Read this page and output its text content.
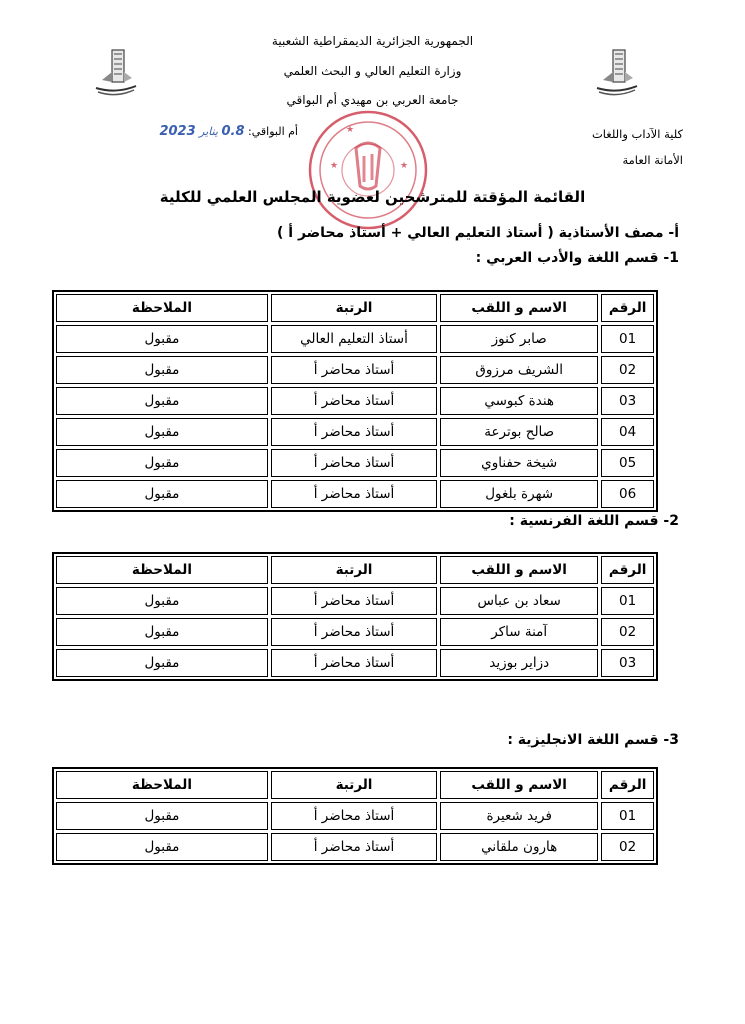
الجمهورية الجزائرية الديمقراطية الشعبية
وزارة التعليم العالي و البحث العلمي
جامعة العربي بن مهيدي أم البواقي
أم البواقي: 0.8 يناير 2023	كلية الآداب واللغات
الأمانة العامة
★
★	★
القائمة المؤقتة للمترشحين لعضوية المجلس العلمي للكلية
أ- مصف الأستاذية ( أستاذ التعليم العالي + أستاذ محاضر أ )
1- قسم اللغة والأدب العربي :
الرقم
الاسم و اللقب
الرتبة
الملاحظة
01
صابر كنوز
أستاذ التعليم العالي
مقبول
02
الشريف مرزوق
أستاذ محاضر أ
مقبول
03
هندة كبوسي
أستاذ محاضر أ
مقبول
04
صالح بوترعة
أستاذ محاضر أ
مقبول
05
شيخة حفناوي
أستاذ محاضر أ
مقبول
06
شهرة بلغول
أستاذ محاضر أ
مقبول
2- قسم اللغة الفرنسية :
الرقم
الاسم و اللقب
الرتبة
الملاحظة
01
سعاد بن عباس
أستاذ محاضر أ
مقبول
02
آمنة ساكر
أستاذ محاضر أ
مقبول
03
دزاير بوزيد
أستاذ محاضر أ
مقبول
3- قسم اللغة الانجليزية :
الرقم
الاسم و اللقب
الرتبة
الملاحظة
01
فريد شعيرة
أستاذ محاضر أ
مقبول
02
هارون ملقاني
أستاذ محاضر أ
مقبول
